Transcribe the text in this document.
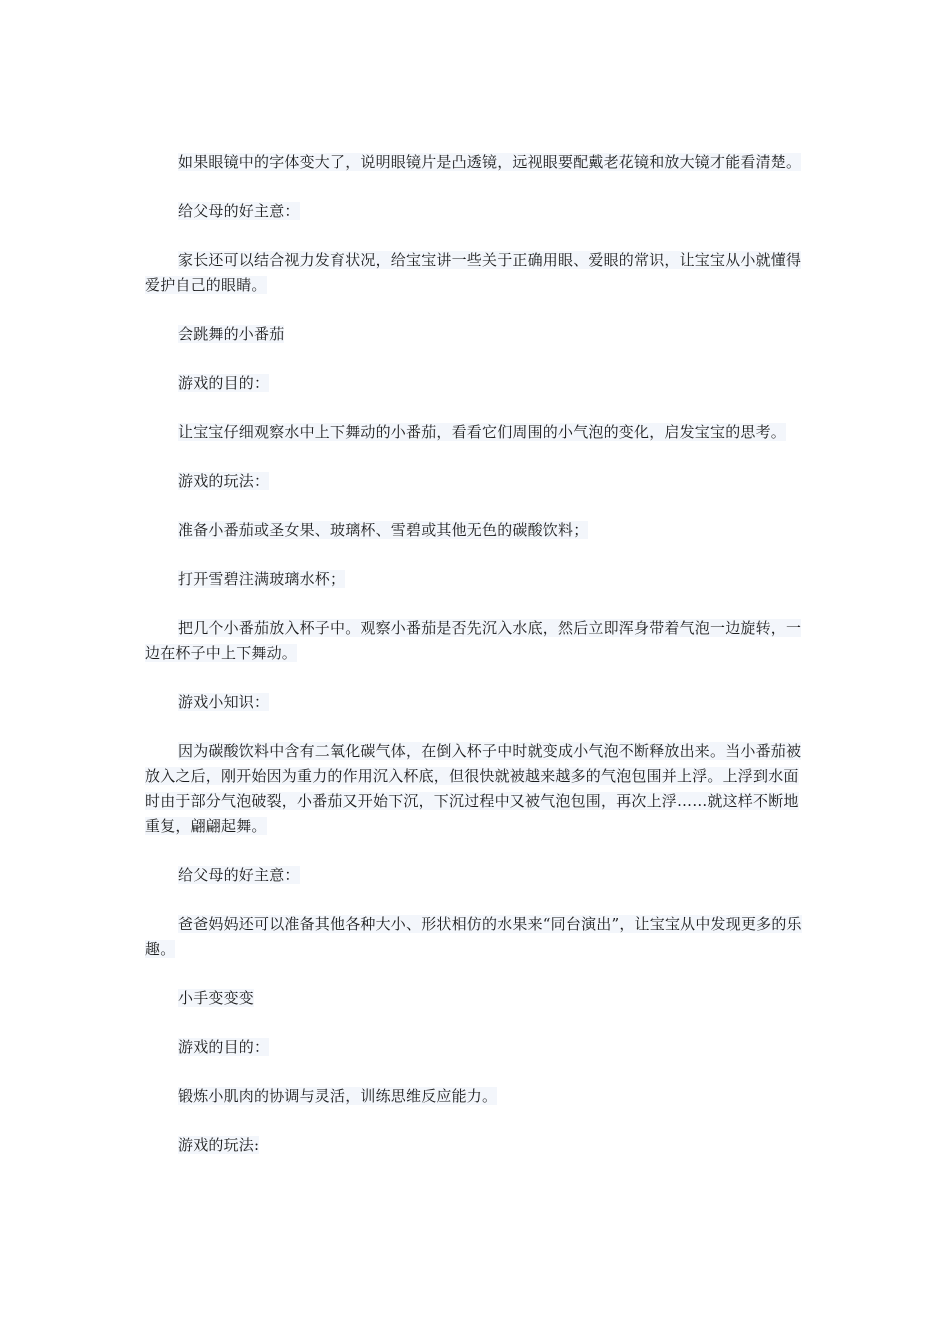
如果眼镜中的字体变大了，说明眼镜片是凸透镜，远视眼要配戴老花镜和放大镜才能看清楚。

给父母的好主意：

家长还可以结合视力发育状况，给宝宝讲一些关于正确用眼、爱眼的常识，让宝宝从小就懂得爱护自己的眼睛。

会跳舞的小番茄

游戏的目的：

让宝宝仔细观察水中上下舞动的小番茄，看看它们周围的小气泡的变化，启发宝宝的思考。

游戏的玩法：

准备小番茄或圣女果、玻璃杯、雪碧或其他无色的碳酸饮料；

打开雪碧注满玻璃水杯；

把几个小番茄放入杯子中。观察小番茄是否先沉入水底，然后立即浑身带着气泡一边旋转，一边在杯子中上下舞动。

游戏小知识：

因为碳酸饮料中含有二氧化碳气体，在倒入杯子中时就变成小气泡不断释放出来。当小番茄被放入之后，刚开始因为重力的作用沉入杯底，但很快就被越来越多的气泡包围并上浮。上浮到水面时由于部分气泡破裂，小番茄又开始下沉，下沉过程中又被气泡包围，再次上浮……就这样不断地重复，翩翩起舞。

给父母的好主意：

爸爸妈妈还可以准备其他各种大小、形状相仿的水果来“同台演出”，让宝宝从中发现更多的乐趣。

小手变变变

游戏的目的：

锻炼小肌肉的协调与灵活，训练思维反应能力。

游戏的玩法:
